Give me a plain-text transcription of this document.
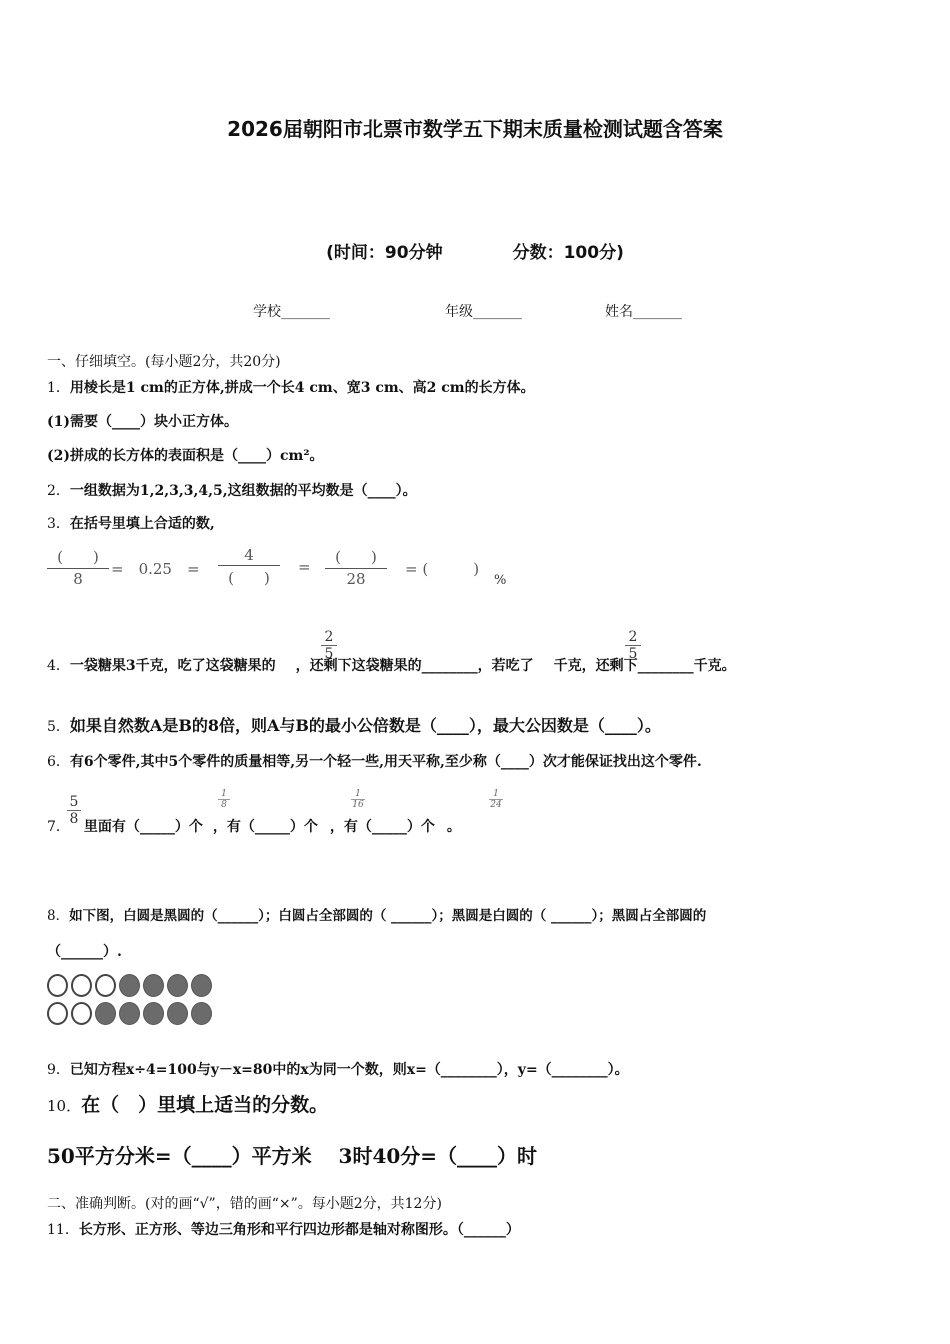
2026届朝阳市北票市数学五下期末质量检测试题含答案
(时间：90分钟	分数：100分)
学校_______	年级_______	姓名_______
一、仔细填空。(每小题2分，共20分)
1．用棱长是1 cm的正方体,拼成一个长4 cm、宽3 cm、高2 cm的长方体。
(1)需要（____）块小正方体。
(2)拼成的长方体的表面积是（____）cm²。
2．一组数据为1,2,3,3,4,5,这组数据的平均数是（____）。
3．在括号里填上合适的数,
(　　)
8
=　0.25　=
4
(　　)
=
(　　)
28
= (　　　)
%
4．一袋糖果3千克，吃了这袋糖果的 ，还剩下这袋糖果的________，若吃了 千克，还剩下________千克。
2
5
2
5
5．如果自然数A是B的8倍，则A与B的最小公倍数是（____），最大公因数是（____）。
6．有6个零件,其中5个零件的质量相等,另一个轻一些,用天平称,至少称（____）次才能保证找出这个零件.
7． 里面有（_____）个 ，有（_____）个 ，有（_____）个 。
5
8
1
8
1
16
1
24
8．如下图，白圆是黑圆的（______）；白圆占全部圆的（ ______）；黑圆是白圆的（ ______）；黑圆占全部圆的
（______）.
9．已知方程x÷4=100与y－x=80中的x为同一个数，则x=（________），y=（________）。
10．在（　）里填上适当的分数。
50平方分米=（____）平方米　 3时40分=（____）时
二、准确判断。(对的画“√”，错的画“×”。每小题2分，共12分)
11．长方形、正方形、等边三角形和平行四边形都是轴对称图形。（______）
